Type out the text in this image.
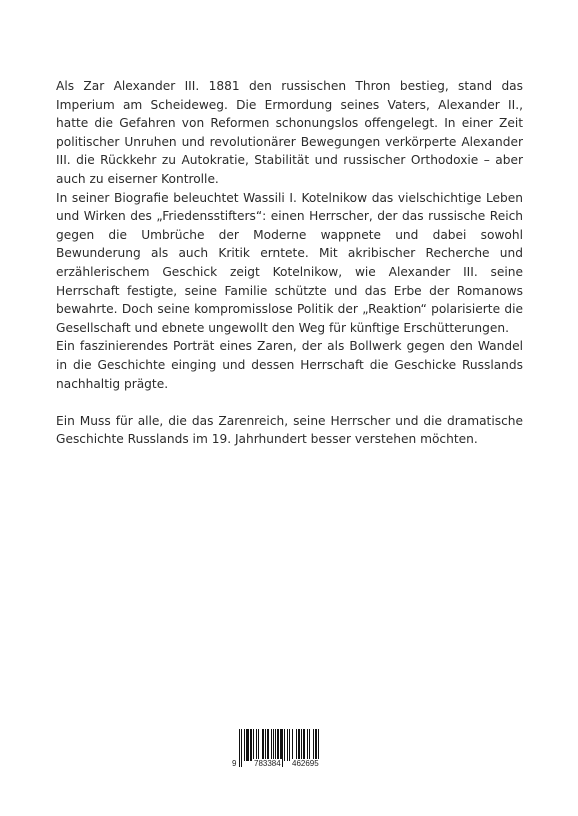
Als Zar Alexander III. 1881 den russischen Thron bestieg, stand das Imperium am Scheideweg. Die Ermordung seines Vaters, Alexander II., hatte die Gefahren von Reformen schonungslos offengelegt. In einer Zeit politischer Unruhen und revolutionärer Bewegungen verkörperte Alexander III. die Rückkehr zu Autokratie, Stabilität und russischer Orthodoxie – aber auch zu eiserner Kontrolle.

In seiner Biografie beleuchtet Wassili I. Kotelnikow das vielschichtige Leben und Wirken des „Friedensstifters“: einen Herrscher, der das russische Reich gegen die Umbrüche der Moderne wappnete und dabei sowohl Bewunderung als auch Kritik erntete. Mit akribischer Recherche und erzählerischem Geschick zeigt Kotelnikow, wie Alexander III. seine Herrschaft festigte, seine Familie schützte und das Erbe der Romanows bewahrte. Doch seine kompromisslose Politik der „Reaktion“ polarisierte die Gesellschaft und ebnete ungewollt den Weg für künftige Erschütterungen.

Ein faszinierendes Porträt eines Zaren, der als Bollwerk gegen den Wandel in die Geschichte einging und dessen Herrschaft die Geschicke Russlands nachhaltig prägte.

Ein Muss für alle, die das Zarenreich, seine Herrscher und die dramatische Geschichte Russlands im 19. Jahrhundert besser verstehen möchten.

9 783384 462695
